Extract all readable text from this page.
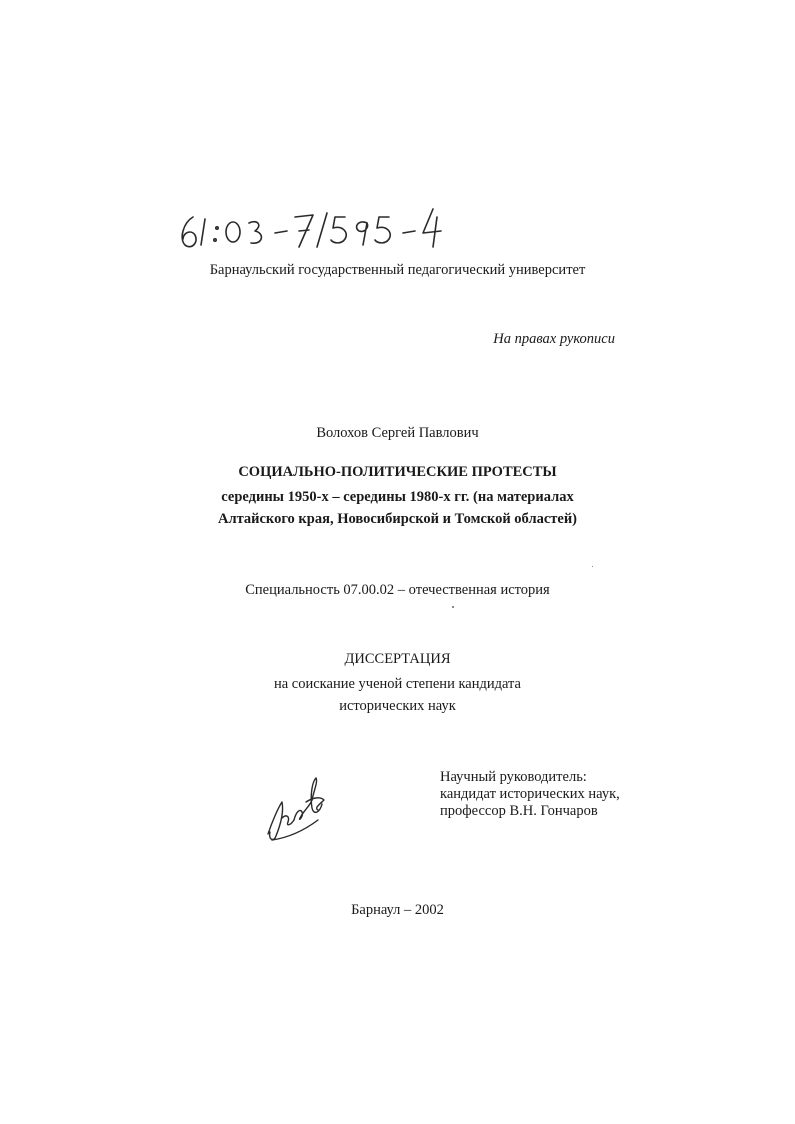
Барнаульский государственный педагогический университет
На правах рукописи
Волохов Сергей Павлович
СОЦИАЛЬНО-ПОЛИТИЧЕСКИЕ ПРОТЕСТЫ
середины 1950-х – середины 1980-х гг. (на материалах
Алтайского края, Новосибирской и Томской областей)
Специальность 07.00.02 – отечественная история
ДИССЕРТАЦИЯ
на соискание ученой степени кандидата
исторических наук
Научный руководитель:
кандидат исторических наук,
профессор В.Н. Гончаров
Барнаул – 2002
